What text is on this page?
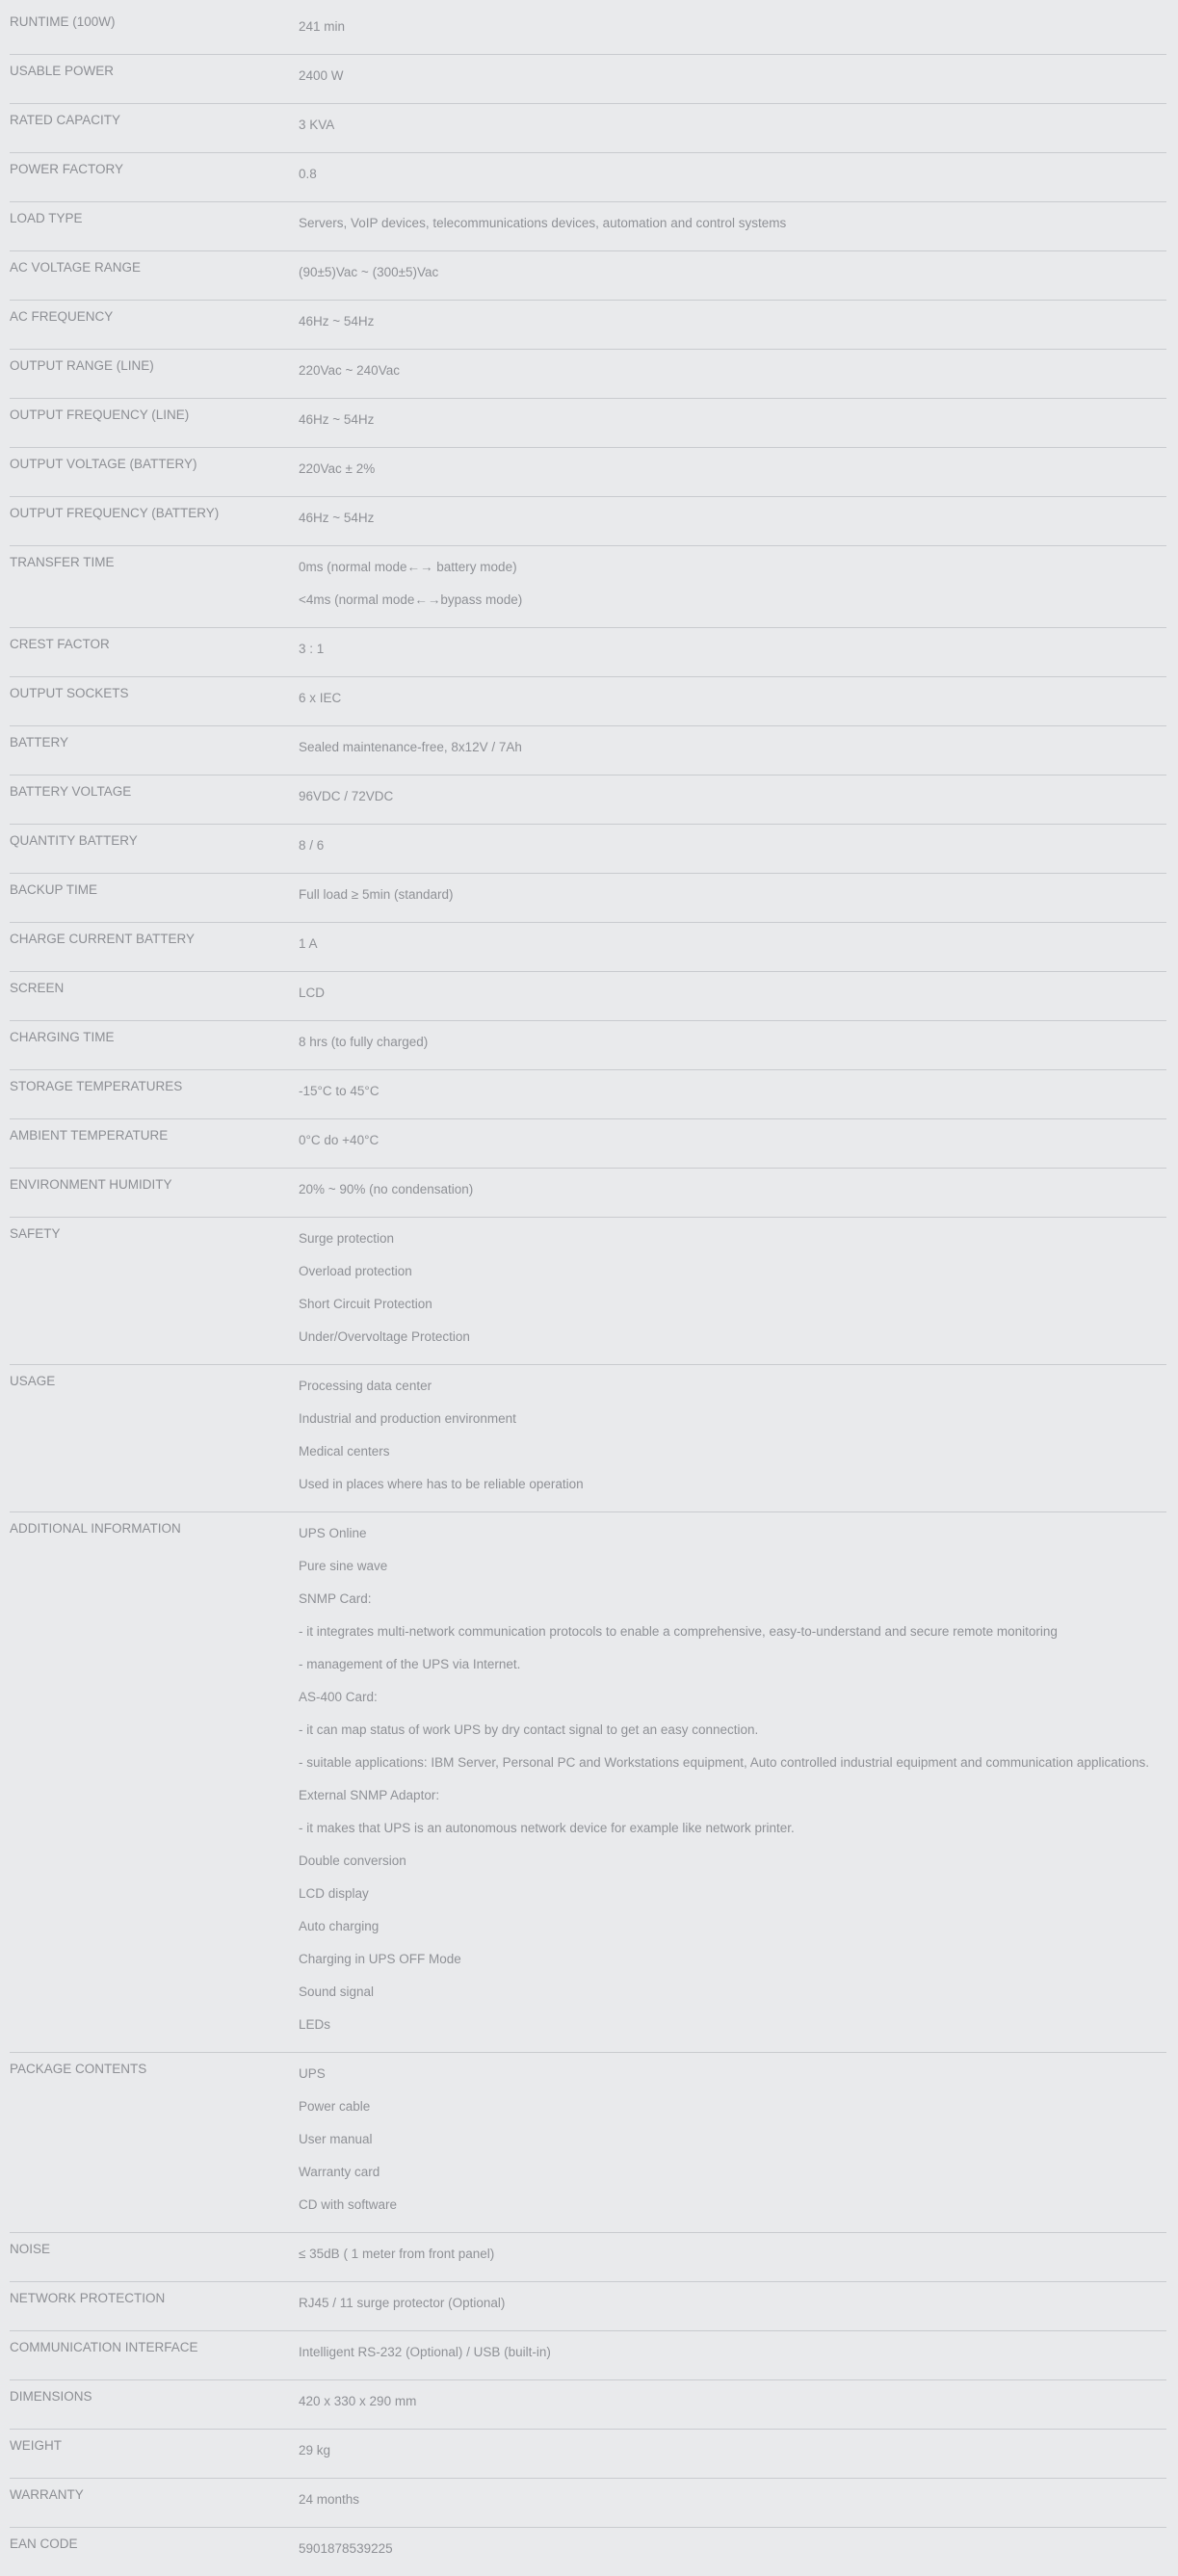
RUNTIME (100W)	241 min
USABLE POWER	2400 W
RATED CAPACITY	3 KVA
POWER FACTORY	0.8
LOAD TYPE	Servers, VoIP devices, telecommunications devices, automation and control systems
AC VOLTAGE RANGE	(90±5)Vac ~ (300±5)Vac
AC FREQUENCY	46Hz ~ 54Hz
OUTPUT RANGE (LINE)	220Vac ~ 240Vac
OUTPUT FREQUENCY (LINE)	46Hz ~ 54Hz
OUTPUT VOLTAGE (BATTERY)	220Vac ± 2%
OUTPUT FREQUENCY (BATTERY)	46Hz ~ 54Hz
TRANSFER TIME	0ms (normal mode←→ battery mode)
<4ms (normal mode←→bypass mode)
CREST FACTOR	3 : 1
OUTPUT SOCKETS	6 x IEC
BATTERY	Sealed maintenance-free, 8x12V / 7Ah
BATTERY VOLTAGE	96VDC / 72VDC
QUANTITY BATTERY	8 / 6
BACKUP TIME	Full load ≥ 5min (standard)
CHARGE CURRENT BATTERY	1 A
SCREEN	LCD
CHARGING TIME	8 hrs (to fully charged)
STORAGE TEMPERATURES	-15°C to 45°C
AMBIENT TEMPERATURE	0°C do +40°C
ENVIRONMENT HUMIDITY	20% ~ 90% (no condensation)
SAFETY	Surge protection
Overload protection
Short Circuit Protection
Under/Overvoltage Protection
USAGE	Processing data center
Industrial and production environment
Medical centers
Used in places where has to be reliable operation
ADDITIONAL INFORMATION	UPS Online
Pure sine wave
SNMP Card:
- it integrates multi-network communication protocols to enable a comprehensive, easy-to-understand and secure remote monitoring
- management of the UPS via Internet.
AS-400 Card:
- it can map status of work UPS by dry contact signal to get an easy connection.
- suitable applications: IBM Server, Personal PC and Workstations equipment, Auto controlled industrial equipment and communication applications.
External SNMP Adaptor:
- it makes that UPS is an autonomous network device for example like network printer.
Double conversion
LCD display
Auto charging
Charging in UPS OFF Mode
Sound signal
LEDs
PACKAGE CONTENTS	UPS
Power cable
User manual
Warranty card
CD with software
NOISE	≤ 35dB ( 1 meter from front panel)
NETWORK PROTECTION	RJ45 / 11 surge protector (Optional)
COMMUNICATION INTERFACE	Intelligent RS-232 (Optional) / USB (built-in)
DIMENSIONS	420 x 330 x 290 mm
WEIGHT	29 kg
WARRANTY	24 months
EAN CODE	5901878539225
